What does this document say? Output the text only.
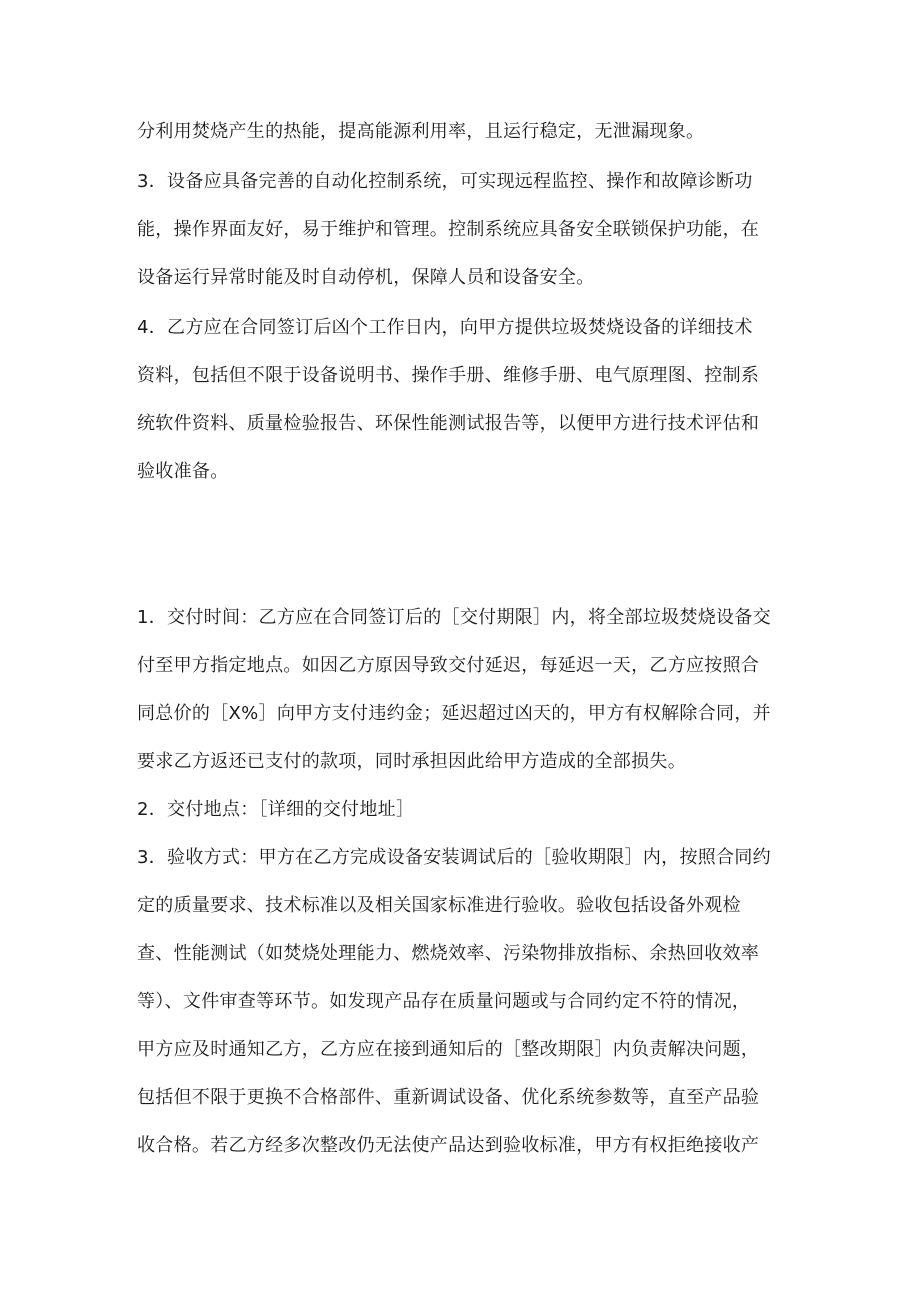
分利用焚烧产生的热能，提高能源利用率，且运行稳定，无泄漏现象。
3．设备应具备完善的自动化控制系统，可实现远程监控、操作和故障诊断功
能，操作界面友好，易于维护和管理。控制系统应具备安全联锁保护功能，在
设备运行异常时能及时自动停机，保障人员和设备安全。
4．乙方应在合同签订后凶个工作日内，向甲方提供垃圾焚烧设备的详细技术
资料，包括但不限于设备说明书、操作手册、维修手册、电气原理图、控制系
统软件资料、质量检验报告、环保性能测试报告等，以便甲方进行技术评估和
验收准备。
1．交付时间：乙方应在合同签订后的［交付期限］内，将全部垃圾焚烧设备交
付至甲方指定地点。如因乙方原因导致交付延迟，每延迟一天，乙方应按照合
同总价的［X%］向甲方支付违约金；延迟超过凶天的，甲方有权解除合同，并
要求乙方返还已支付的款项，同时承担因此给甲方造成的全部损失。
2．交付地点：［详细的交付地址］
3．验收方式：甲方在乙方完成设备安装调试后的［验收期限］内，按照合同约
定的质量要求、技术标准以及相关国家标准进行验收。验收包括设备外观检
查、性能测试（如焚烧处理能力、燃烧效率、污染物排放指标、余热回收效率
等）、文件审查等环节。如发现产品存在质量问题或与合同约定不符的情况，
甲方应及时通知乙方，乙方应在接到通知后的［整改期限］内负责解决问题，
包括但不限于更换不合格部件、重新调试设备、优化系统参数等，直至产品验
收合格。若乙方经多次整改仍无法使产品达到验收标准，甲方有权拒绝接收产
